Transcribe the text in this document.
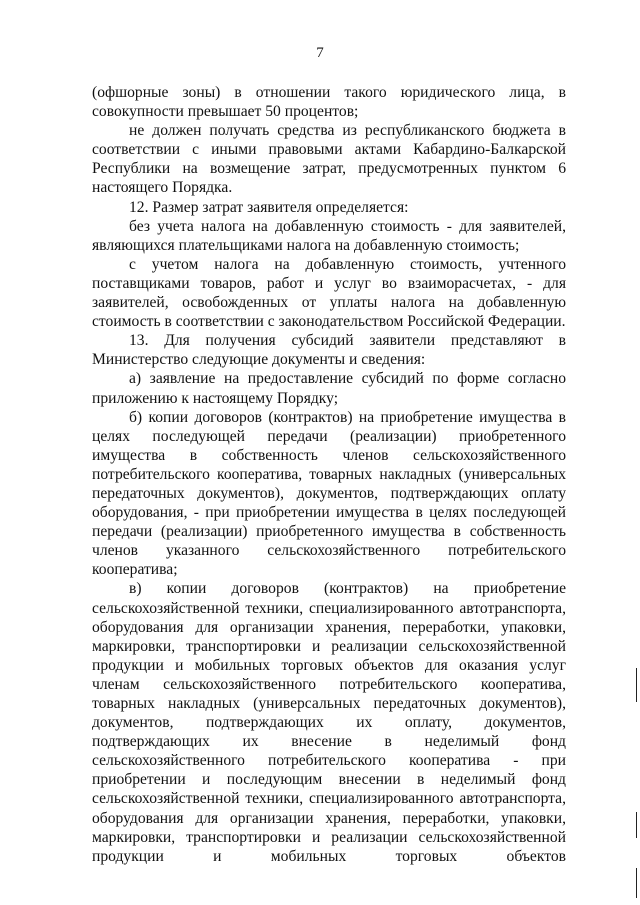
7

(офшорные зоны) в отношении такого юридического лица, в совокупности превышает 50 процентов;

не должен получать средства из республиканского бюджета в соответствии с иными правовыми актами Кабардино-Балкарской Республики на возмещение затрат, предусмотренных пунктом 6 настоящего Порядка.

12. Размер затрат заявителя определяется:

без учета налога на добавленную стоимость - для заявителей, являющихся плательщиками налога на добавленную стоимость;

с учетом налога на добавленную стоимость, учтенного поставщиками товаров, работ и услуг во взаиморасчетах, - для заявителей, освобожденных от уплаты налога на добавленную стоимость в соответствии с законодательством Российской Федерации.

13. Для получения субсидий заявители представляют в Министерство следующие документы и сведения:

а) заявление на предоставление субсидий по форме согласно приложению к настоящему Порядку;

б) копии договоров (контрактов) на приобретение имущества в целях последующей передачи (реализации) приобретенного имущества в собственность членов сельскохозяйственного потребительского кооператива, товарных накладных (универсальных передаточных документов), документов, подтверждающих оплату оборудования, - при приобретении имущества в целях последующей передачи (реализации) приобретенного имущества в собственность членов указанного сельскохозяйственного потребительского кооператива;

в) копии договоров (контрактов) на приобретение сельскохозяйственной техники, специализированного автотранспорта, оборудования для организации хранения, переработки, упаковки, маркировки, транспортировки и реализации сельскохозяйственной продукции и мобильных торговых объектов для оказания услуг членам сельскохозяйственного потребительского кооператива, товарных накладных (универсальных передаточных документов), документов, подтверждающих их оплату, документов, подтверждающих их внесение в неделимый фонд сельскохозяйственного потребительского кооператива - при приобретении и последующим внесении в неделимый фонд сельскохозяйственной техники, специализированного автотранспорта, оборудования для организации хранения, переработки, упаковки, маркировки, транспортировки и реализации сельскохозяйственной продукции и мобильных торговых объектов
